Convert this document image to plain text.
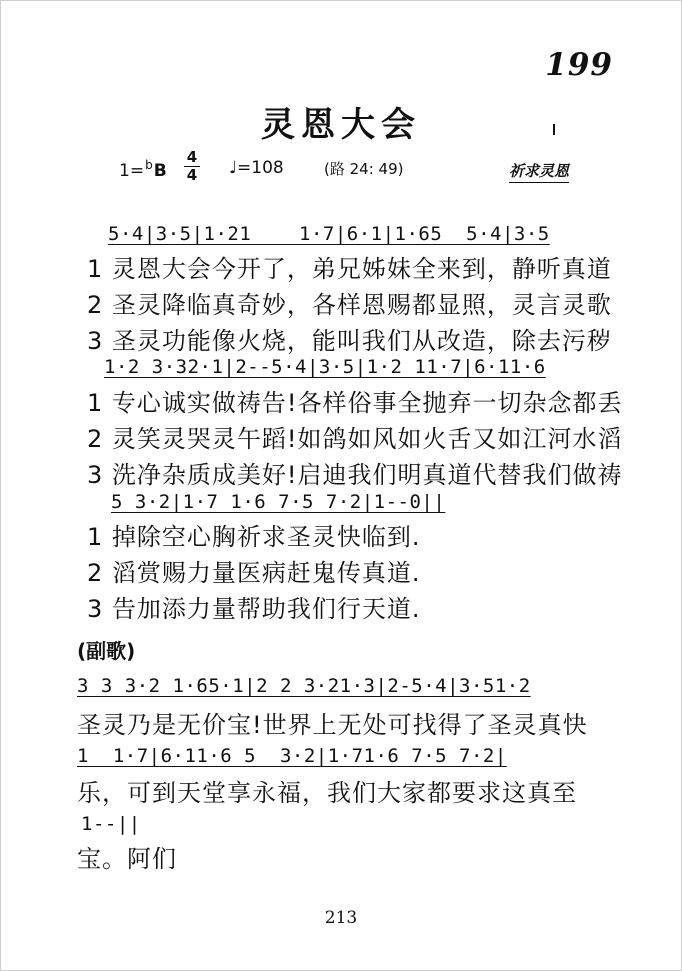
199
灵恩大会
1=$^b$B
4
4 ♩=108	(路 24: 49)	祈求灵恩
5·4|3·5|1·21    1·7|6·1|1·65  5·4|3·5
1 灵恩大会今开了，弟兄姊妹全来到，静听真道
2 圣灵降临真奇妙，各样恩赐都显照，灵言灵歌
3 圣灵功能像火烧，能叫我们从改造，除去污秽
1·2 3·32·1|2--5·4|3·5|1·2 11·7|6·11·6
1 专心诚实做祷告!各样俗事全抛弃一切杂念都丢
2 灵笑灵哭灵午蹈!如鸽如风如火舌又如江河水滔
3 洗净杂质成美好!启迪我们明真道代替我们做祷
5 3·2|1·7 1·6 7·5 7·2|1--0||
1 掉除空心胸祈求圣灵快临到.
2 滔赏赐力量医病赶鬼传真道.
3 告加添力量帮助我们行天道.
(副歌)
3 3 3·2 1·65·1|2 2 3·21·3|2-5·4|3·51·2
圣灵乃是无价宝!世界上无处可找得了圣灵真快
1  1·7|6·11·6 5  3·2|1·71·6 7·5 7·2|
乐，可到天堂享永福，我们大家都要求这真至
1--||
宝。阿们
213
